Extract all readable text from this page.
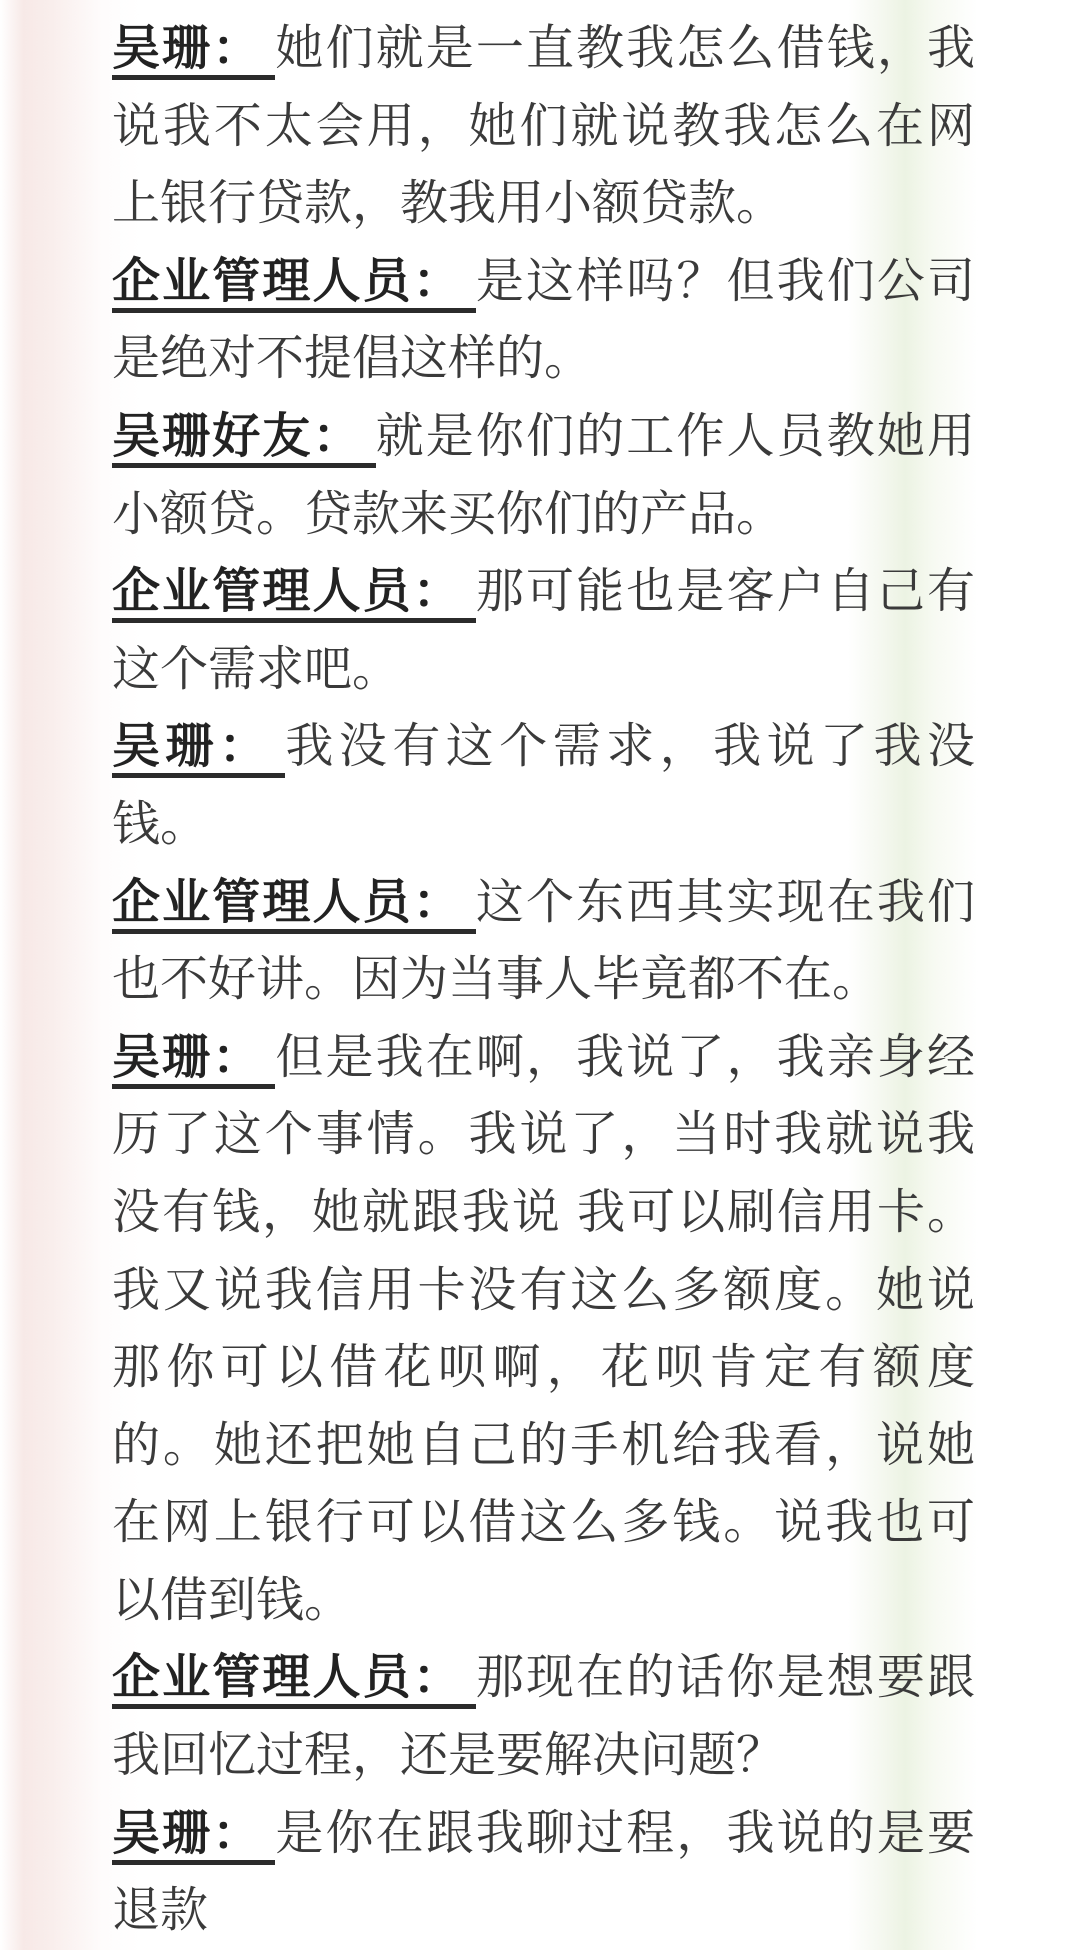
吴珊： 她们就是一直教我怎么借钱，我说我不太会用，她们就说教我怎么在网上银行贷款，教我用小额贷款。

企业管理人员： 是这样吗？但我们公司是绝对不提倡这样的。

吴珊好友： 就是你们的工作人员教她用小额贷。贷款来买你们的产品。

企业管理人员： 那可能也是客户自己有这个需求吧。

吴珊： 我没有这个需求，我说了我没钱。

企业管理人员： 这个东西其实现在我们也不好讲。因为当事人毕竟都不在。

吴珊： 但是我在啊，我说了，我亲身经历了这个事情。我说了，当时我就说我没有钱，她就跟我说 我可以刷信用卡。我又说我信用卡没有这么多额度。她说那你可以借花呗啊，花呗肯定有额度的。她还把她自己的手机给我看，说她在网上银行可以借这么多钱。说我也可以借到钱。

企业管理人员： 那现在的话你是想要跟我回忆过程，还是要解决问题？

吴珊： 是你在跟我聊过程，我说的是要退款
